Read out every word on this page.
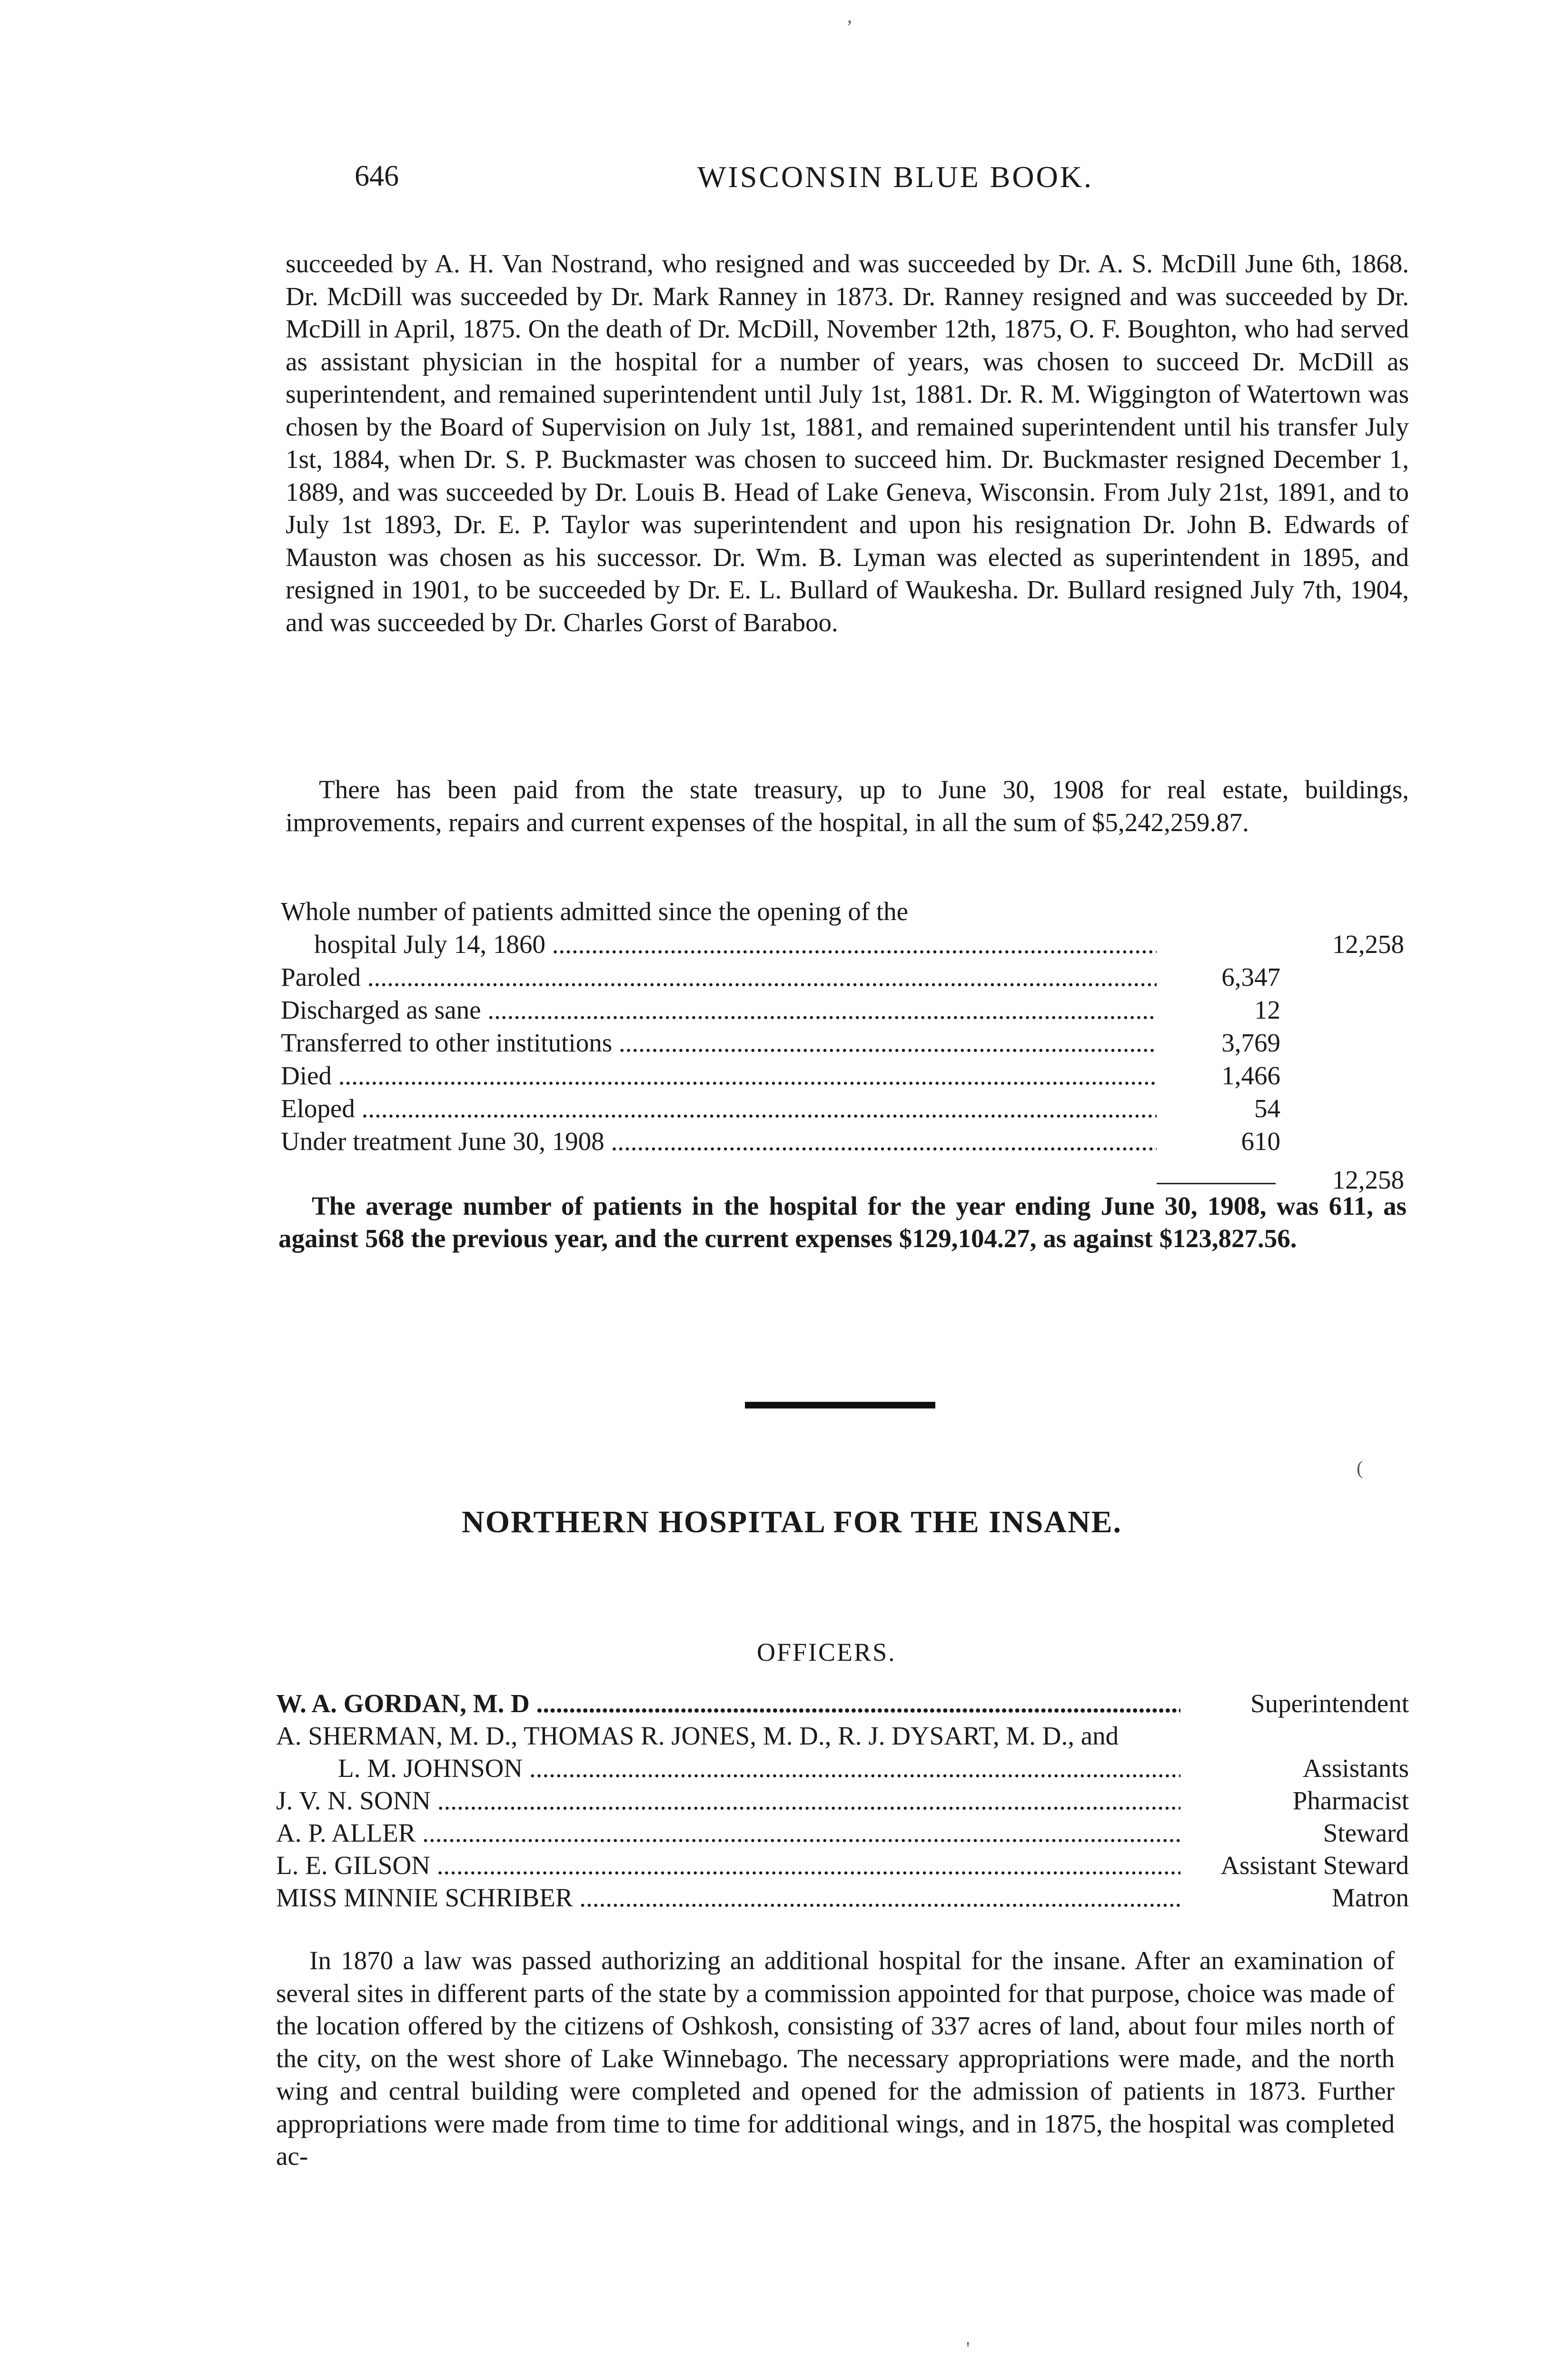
646	WISCONSIN BLUE BOOK.

succeeded by A. H. Van Nostrand, who resigned and was succeeded by Dr. A. S. McDill June 6th, 1868. Dr. McDill was succeeded by Dr. Mark Ranney in 1873. Dr. Ranney resigned and was succeeded by Dr. McDill in April, 1875. On the death of Dr. McDill, November 12th, 1875, O. F. Boughton, who had served as assistant physician in the hospital for a number of years, was chosen to succeed Dr. McDill as superintendent, and remained superintendent until July 1st, 1881. Dr. R. M. Wiggington of Watertown was chosen by the Board of Supervision on July 1st, 1881, and remained superintendent until his transfer July 1st, 1884, when Dr. S. P. Buckmaster was chosen to succeed him. Dr. Buckmaster resigned December 1, 1889, and was succeeded by Dr. Louis B. Head of Lake Geneva, Wisconsin. From July 21st, 1891, and to July 1st 1893, Dr. E. P. Taylor was superintendent and upon his resignation Dr. John B. Edwards of Mauston was chosen as his successor. Dr. Wm. B. Lyman was elected as superintendent in 1895, and resigned in 1901, to be succeeded by Dr. E. L. Bullard of Waukesha. Dr. Bullard resigned July 7th, 1904, and was succeeded by Dr. Charles Gorst of Baraboo.

There has been paid from the state treasury, up to June 30, 1908 for real estate, buildings, improvements, repairs and current expenses of the hospital, in all the sum of $5,242,259.87.

Whole number of patients admitted since the opening of the
hospital July 14, 1860 .....	12,258
Paroled .....	6,347
Discharged as sane .....	12
Transferred to other institutions .....	3,769
Died .....	1,466
Eloped .....	54
Under treatment June 30, 1908 .....	610
12,258

The average number of patients in the hospital for the year ending June 30, 1908, was 611, as against 568 the previous year, and the current expenses $129,104.27, as against $123,827.56.

NORTHERN HOSPITAL FOR THE INSANE.
OFFICERS.
W. A. GORDAN, M. D .....	Superintendent
A. SHERMAN, M. D., THOMAS R. JONES, M. D., R. J. DYSART, M. D., and
L. M. JOHNSON .....	Assistants
J. V. N. SONN .....	Pharmacist
A. P. ALLER .....	Steward
L. E. GILSON .....	Assistant Steward
MISS MINNIE SCHRIBER .....	Matron

In 1870 a law was passed authorizing an additional hospital for the insane. After an examination of several sites in different parts of the state by a commission appointed for that purpose, choice was made of the location offered by the citizens of Oshkosh, consisting of 337 acres of land, about four miles north of the city, on the west shore of Lake Winnebago. The necessary appropriations were made, and the north wing and central building were completed and opened for the admission of patients in 1873. Further appropriations were made from time to time for additional wings, and in 1875, the hospital was completed ac-

,
(
'
